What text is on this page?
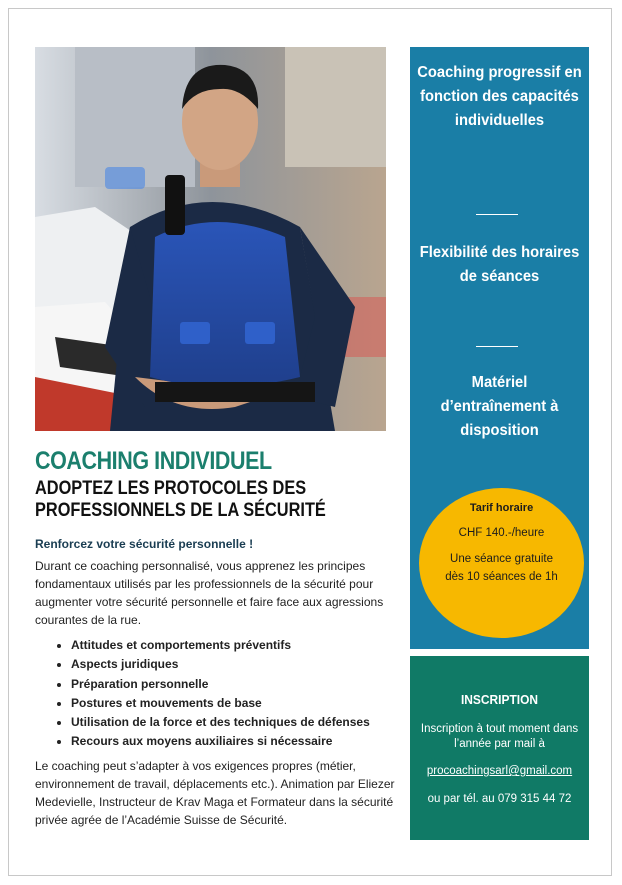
COACHING INDIVIDUEL
ADOPTEZ LES PROTOCOLES DES PROFESSIONNELS DE LA SÉCURITÉ
Renforcez votre sécurité personnelle !
Durant ce coaching personnalisé, vous apprenez les principes fondamentaux utilisés par les professionnels de la sécurité pour augmenter votre sécurité personnelle et faire face aux agressions courantes de la rue.
• Attitudes et comportements préventifs
• Aspects juridiques
• Préparation personnelle
• Postures et mouvements de base
• Utilisation de la force et des techniques de défenses
• Recours aux moyens auxiliaires si nécessaire
Le coaching peut s’adapter à vos exigences propres (métier, environnement de travail, déplacements etc.). Animation par Eliezer Medevielle, Instructeur de Krav Maga et Formateur dans la sécurité privée agrée de l’Académie Suisse de Sécurité.
Coaching progressif en fonction des capacités individuelles
Flexibilité des horaires de séances
Matériel d’entraînement à disposition
Tarif horaire
CHF 140.-/heure
Une séance gratuite dès 10 séances de 1h
INSCRIPTION
Inscription à tout moment dans l’année par mail à
procoachingsarl@gmail.com
ou par tél. au 079 315 44 72
